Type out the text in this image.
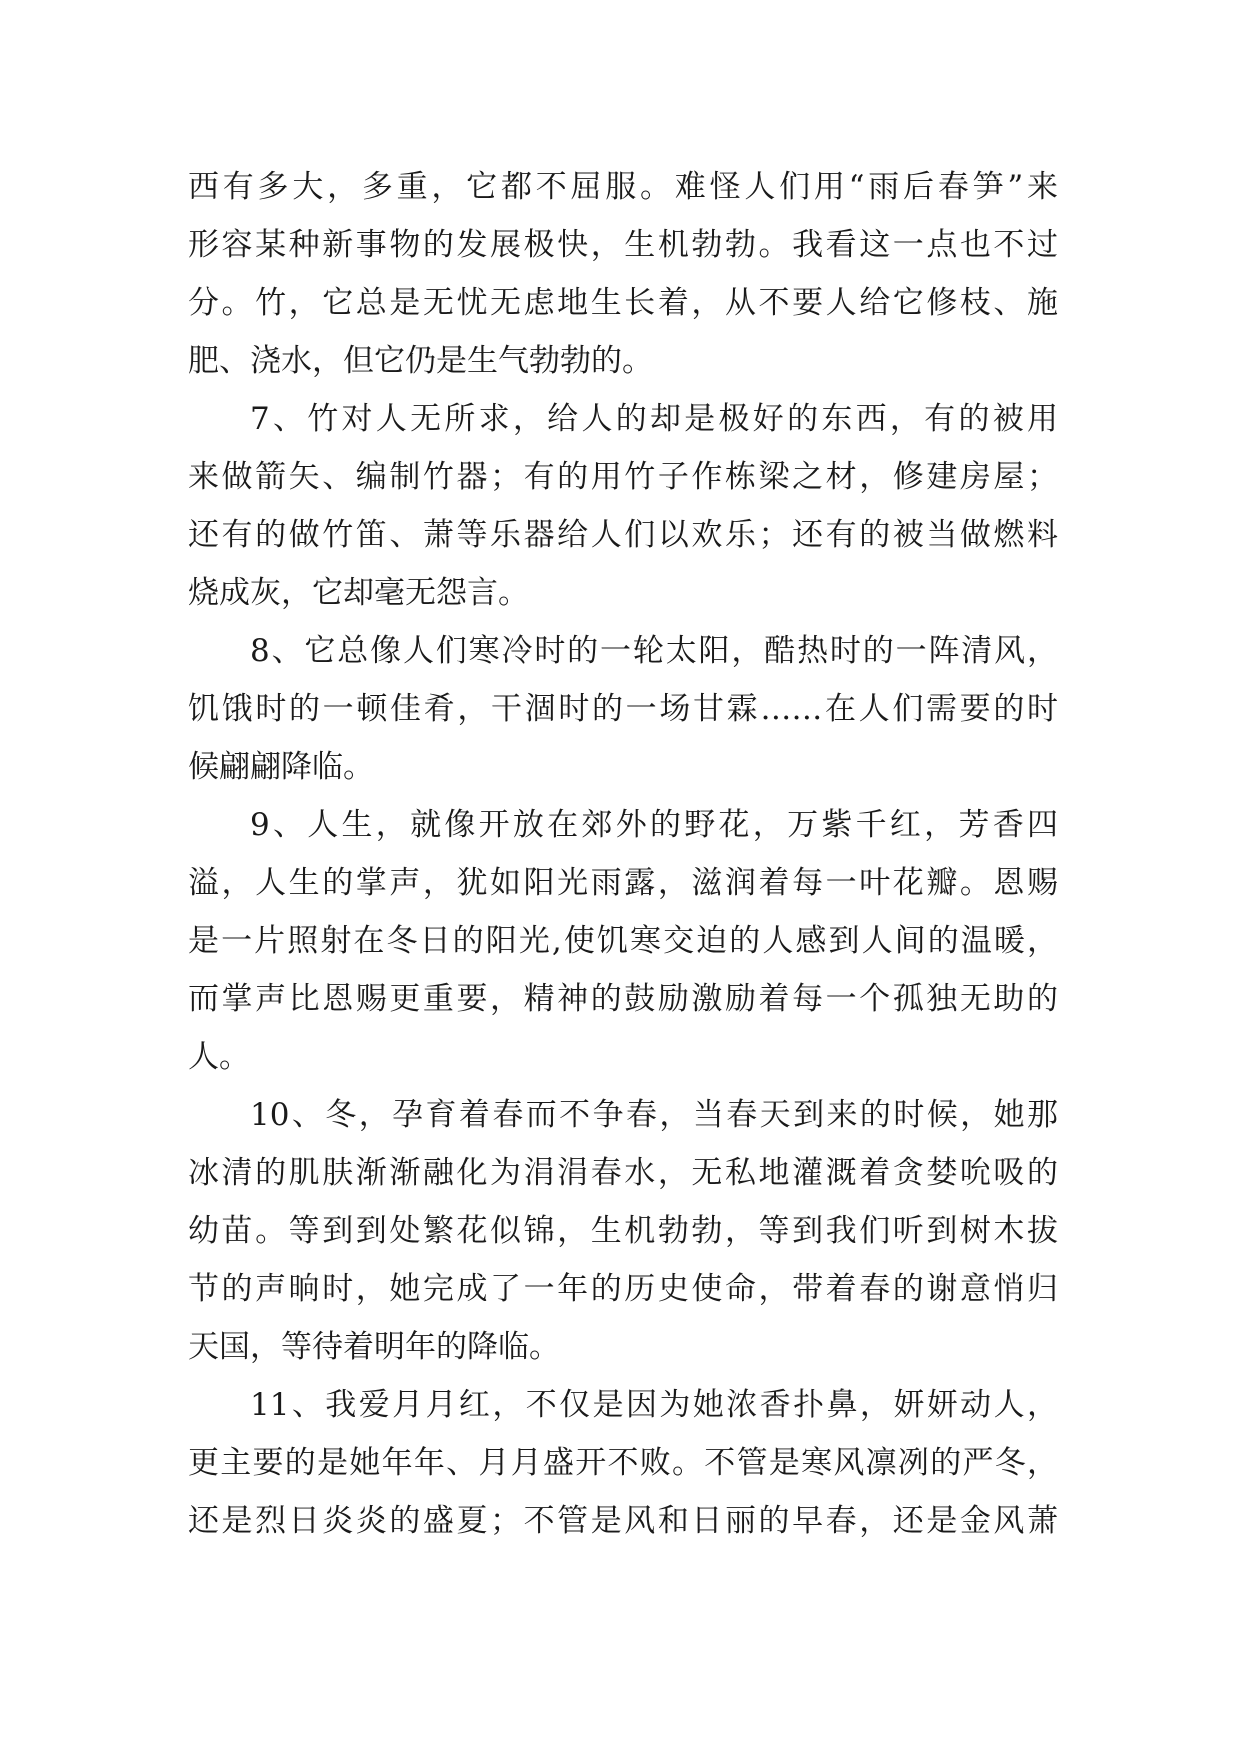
西有多大，多重，它都不屈服。难怪人们用“雨后春笋”来
形容某种新事物的发展极快，生机勃勃。我看这一点也不过
分。竹，它总是无忧无虑地生长着，从不要人给它修枝、施
肥、浇水，但它仍是生气勃勃的。
7、竹对人无所求，给人的却是极好的东西，有的被用
来做箭矢、编制竹器；有的用竹子作栋梁之材，修建房屋；
还有的做竹笛、萧等乐器给人们以欢乐；还有的被当做燃料
烧成灰，它却毫无怨言。
8、它总像人们寒冷时的一轮太阳，酷热时的一阵清风，
饥饿时的一顿佳肴，干涸时的一场甘霖……在人们需要的时
候翩翩降临。
9、人生，就像开放在郊外的野花，万紫千红，芳香四
溢，人生的掌声，犹如阳光雨露，滋润着每一叶花瓣。恩赐
是一片照射在冬日的阳光,使饥寒交迫的人感到人间的温暖，
而掌声比恩赐更重要，精神的鼓励激励着每一个孤独无助的
人。
10、冬，孕育着春而不争春，当春天到来的时候，她那
冰清的肌肤渐渐融化为涓涓春水，无私地灌溉着贪婪吮吸的
幼苗。等到到处繁花似锦，生机勃勃，等到我们听到树木拔
节的声晌时，她完成了一年的历史使命，带着春的谢意悄归
天国，等待着明年的降临。
11、我爱月月红，不仅是因为她浓香扑鼻，妍妍动人，
更主要的是她年年、月月盛开不败。不管是寒风凛冽的严冬，
还是烈日炎炎的盛夏；不管是风和日丽的早春，还是金风萧
